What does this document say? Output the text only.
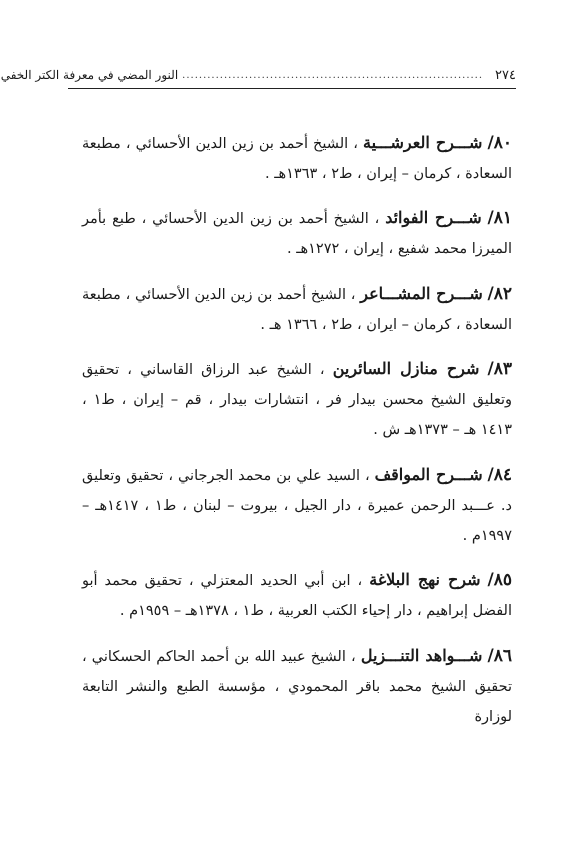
٢٧٤
........................................................................
النور المضي في معرفة الكتر الخفي

٨٠/ شـــرح العرشـــية ، الشيخ أحمد بن زين الدين الأحسائي ، مطبعة السعادة ، كرمان – إيران ، ط٢ ، ١٣٦٣هـ .

٨١/ شـــرح الفوائد ، الشيخ أحمد بن زين الدين الأحسائي ، طبع بأمر الميرزا محمد شفيع ، إيران ، ١٢٧٢هـ .

٨٢/ شـــرح المشـــاعر ، الشيخ أحمد بن زين الدين الأحسائي ، مطبعة السعادة ، كرمان – ايران ، ط٢ ، ١٣٦٦ هـ .

٨٣/ شرح منازل السائرين ، الشيخ عبد الرزاق القاساني ، تحقيق وتعليق الشيخ محسن بيدار فر ، انتشارات بيدار ، قم – إيران ، ط١ ، ١٤١٣ هـ – ١٣٧٣هـ ش .

٨٤/ شـــرح المواقف ، السيد علي بن محمد الجرجاني ، تحقيق وتعليق د. عـــبد الرحمن عميرة ، دار الجيل ، بيروت – لبنان ، ط١ ، ١٤١٧هـ – ١٩٩٧م .

٨٥/ شرح نهج البلاغة ، ابن أبي الحديد المعتزلي ، تحقيق محمد أبو الفضل إبراهيم ، دار إحياء الكتب العربية ، ط١ ، ١٣٧٨هـ – ١٩٥٩م .

٨٦/ شـــواهد التنـــزيل ، الشيخ عبيد الله بن أحمد الحاكم الحسكاني ، تحقيق الشيخ محمد باقر المحمودي ، مؤسسة الطبع والنشر التابعة لوزارة
